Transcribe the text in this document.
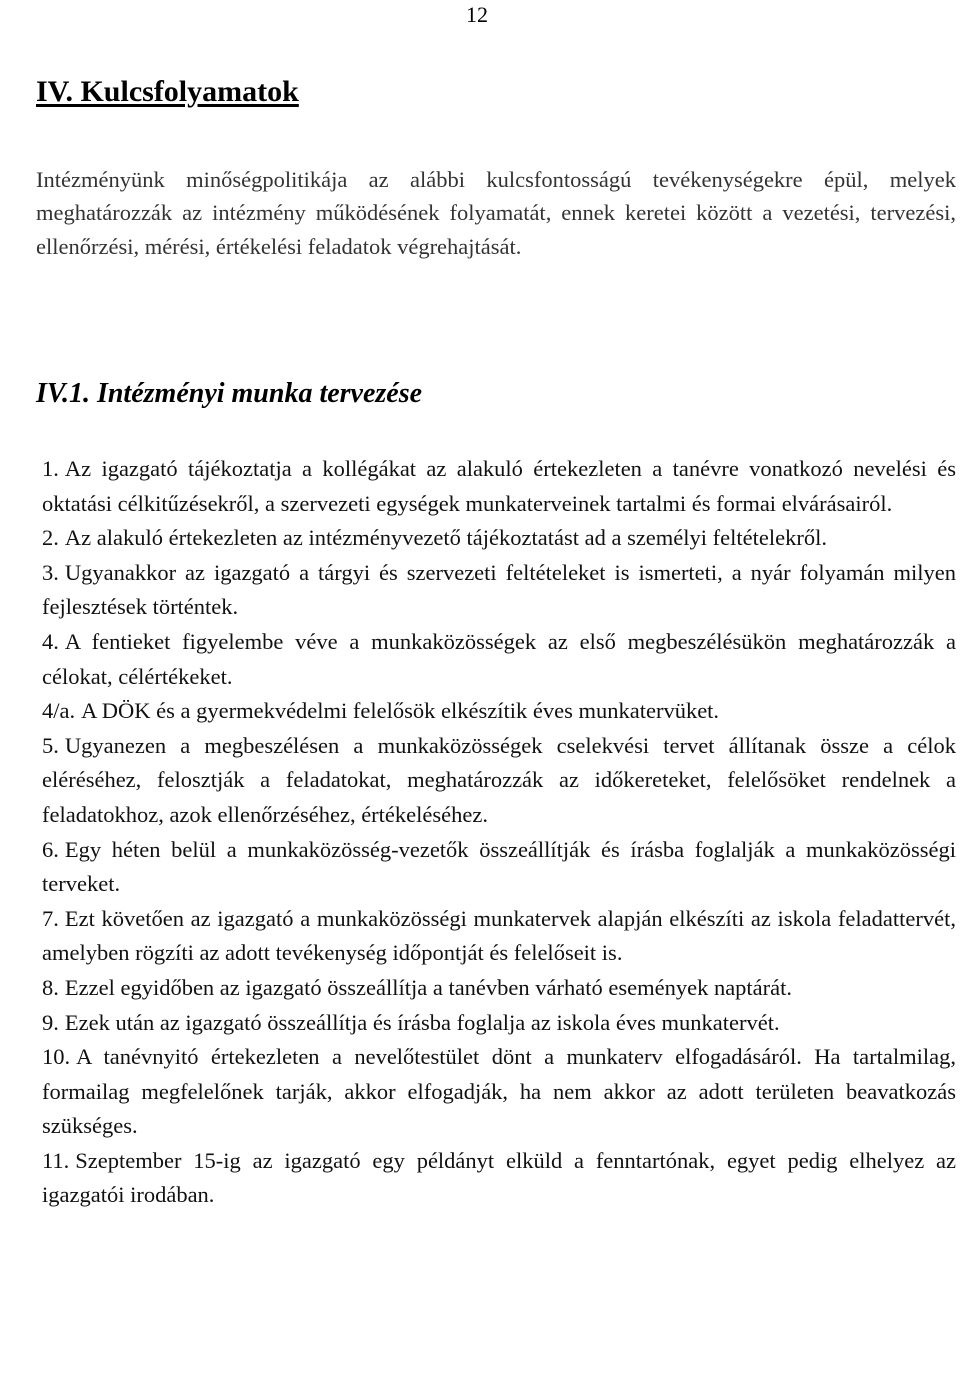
12
IV. Kulcsfolyamatok

Intézményünk minőségpolitikája az alábbi kulcsfontosságú tevékenységekre épül, melyek meghatározzák az intézmény működésének folyamatát, ennek keretei között a vezetési, tervezési, ellenőrzési, mérési, értékelési feladatok végrehajtását.

IV.1. Intézményi munka tervezése
1. Az igazgató tájékoztatja a kollégákat az alakuló értekezleten a tanévre vonatkozó nevelési és oktatási célkitűzésekről, a szervezeti egységek munkaterveinek tartalmi és formai elvárásairól.
2. Az alakuló értekezleten az intézményvezető tájékoztatást ad a személyi feltételekről.
3. Ugyanakkor az igazgató a tárgyi és szervezeti feltételeket is ismerteti, a nyár folyamán milyen fejlesztések történtek.
4. A fentieket figyelembe véve a munkaközösségek az első megbeszélésükön meghatározzák a célokat, célértékeket.
4/a. A DÖK és a gyermekvédelmi felelősök elkészítik éves munkatervüket.
5. Ugyanezen a megbeszélésen a munkaközösségek cselekvési tervet állítanak össze a célok eléréséhez, felosztják a feladatokat, meghatározzák az időkereteket, felelősöket rendelnek a feladatokhoz, azok ellenőrzéséhez, értékeléséhez.
6. Egy héten belül a munkaközösség-vezetők összeállítják és írásba foglalják a munkaközösségi terveket.
7. Ezt követően az igazgató a munkaközösségi munkatervek alapján elkészíti az iskola feladattervét, amelyben rögzíti az adott tevékenység időpontját és felelőseit is.
8. Ezzel egyidőben az igazgató összeállítja a tanévben várható események naptárát.
9. Ezek után az igazgató összeállítja és írásba foglalja az iskola éves munkatervét.
10. A tanévnyitó értekezleten a nevelőtestület dönt a munkaterv elfogadásáról. Ha tartalmilag, formailag megfelelőnek tarják, akkor elfogadják, ha nem akkor az adott területen beavatkozás szükséges.
11. Szeptember 15-ig az igazgató egy példányt elküld a fenntartónak, egyet pedig elhelyez az igazgatói irodában.
